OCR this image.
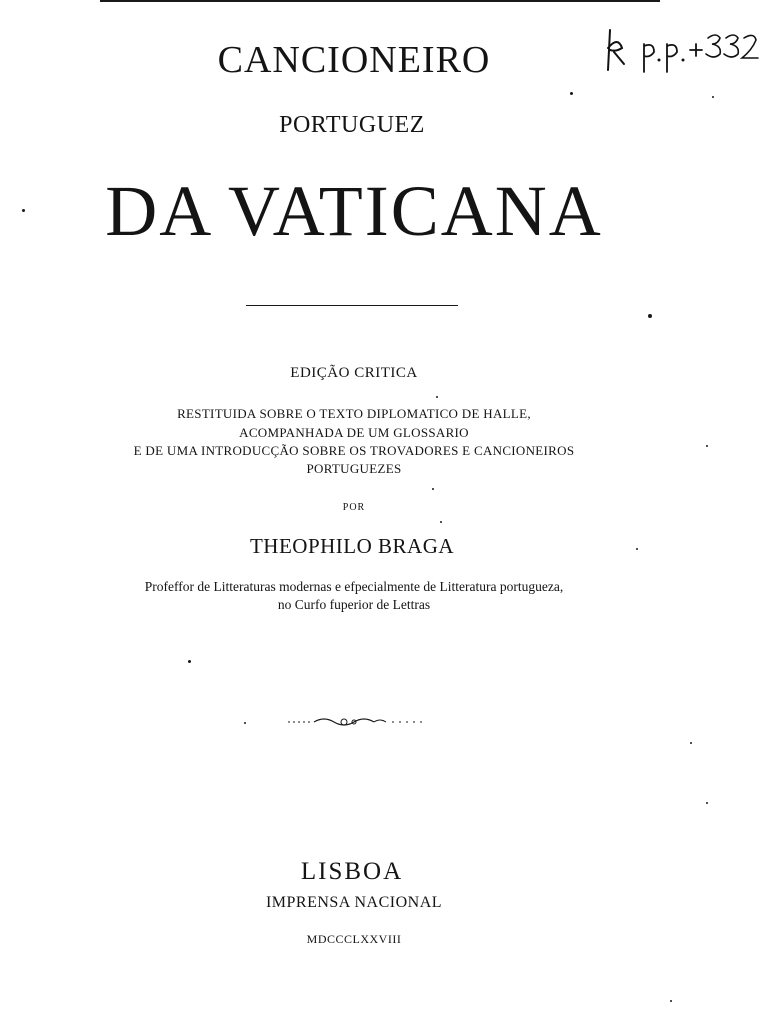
CANCIONEIRO
PORTUGUEZ
DA VATICANA
EDIÇÃO CRITICA
RESTITUIDA SOBRE O TEXTO DIPLOMATICO DE HALLE,
ACOMPANHADA DE UM GLOSSARIO
E DE UMA INTRODUCÇÃO SOBRE OS TROVADORES E CANCIONEIROS
PORTUGUEZES
POR
THEOPHILO BRAGA
Profeffor de Litteraturas modernas e efpecialmente de Litteratura portugueza,
no Curfo fuperior de Lettras
LISBOA
IMPRENSA NACIONAL
MDCCCLXXVIII
